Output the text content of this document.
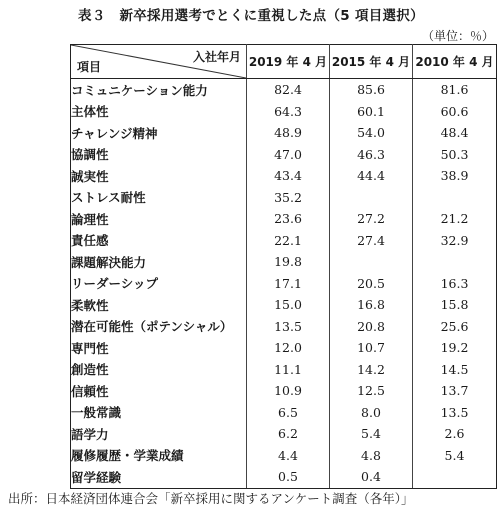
表３　新卒採用選考でとくに重視した点（5 項目選択）
（単位：％）
入社年月
項目	2019 年 4 月	2015 年 4 月	2010 年 4 月
コミュニケーション能力	82.4	85.6	81.6
主体性	64.3	60.1	60.6
チャレンジ精神	48.9	54.0	48.4
協調性	47.0	46.3	50.3
誠実性	43.4	44.4	38.9
ストレス耐性	35.2		
論理性	23.6	27.2	21.2
責任感	22.1	27.4	32.9
課題解決能力	19.8		
リーダーシップ	17.1	20.5	16.3
柔軟性	15.0	16.8	15.8
潜在可能性（ポテンシャル）	13.5	20.8	25.6
専門性	12.0	10.7	19.2
創造性	11.1	14.2	14.5
信頼性	10.9	12.5	13.7
一般常識	6.5	8.0	13.5
語学力	6.2	5.4	2.6
履修履歴・学業成績	4.4	4.8	5.4
留学経験	0.5	0.4	
出所：日本経済団体連合会「新卒採用に関するアンケート調査（各年）」
